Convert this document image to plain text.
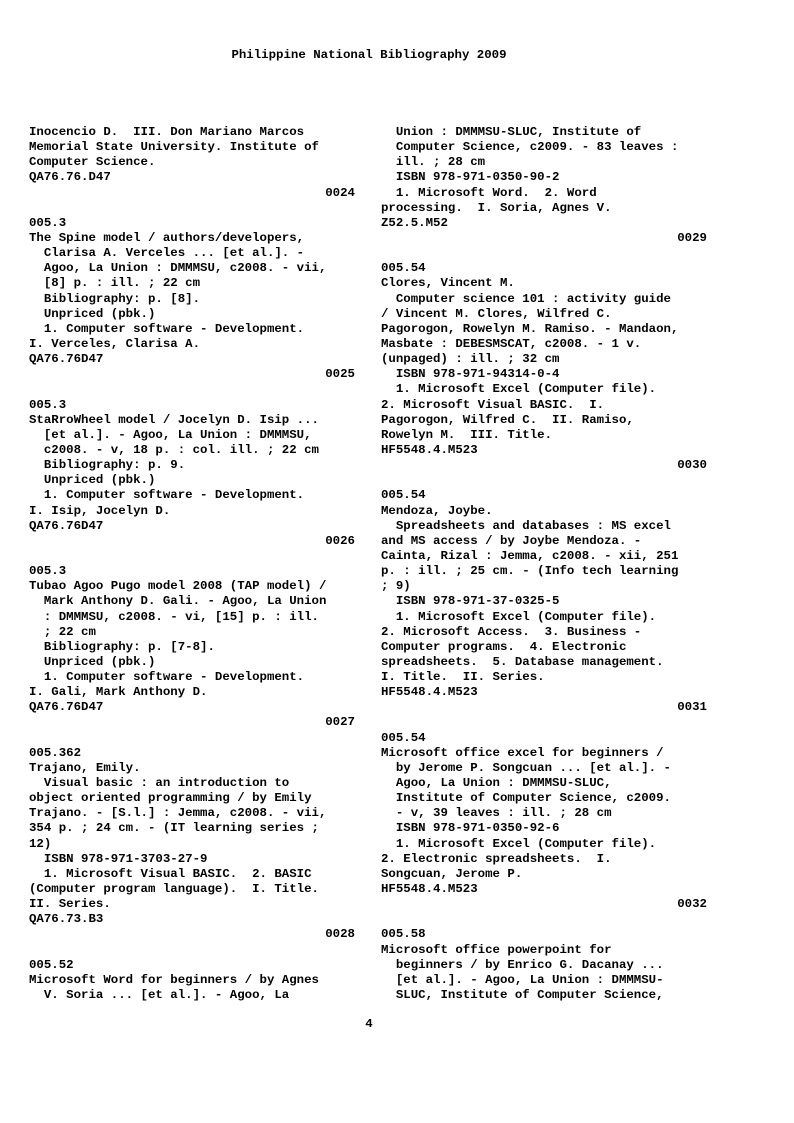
Philippine National Bibliography 2009
Inocencio D.  III. Don Mariano Marcos
Memorial State University. Institute of
Computer Science.
QA76.76.D47
0024
005.3
The Spine model / authors/developers,
Clarisa A. Verceles ... [et al.]. -
Agoo, La Union : DMMMSU, c2008. - vii,
[8] p. : ill. ; 22 cm
Bibliography: p. [8].
Unpriced (pbk.)
1. Computer software - Development.
I. Verceles, Clarisa A.
QA76.76D47
0025
005.3
StaRroWheel model / Jocelyn D. Isip ...
[et al.]. - Agoo, La Union : DMMMSU,
c2008. - v, 18 p. : col. ill. ; 22 cm
Bibliography: p. 9.
Unpriced (pbk.)
1. Computer software - Development.
I. Isip, Jocelyn D.
QA76.76D47
0026
005.3
Tubao Agoo Pugo model 2008 (TAP model) /
Mark Anthony D. Gali. - Agoo, La Union
: DMMMSU, c2008. - vi, [15] p. : ill.
; 22 cm
Bibliography: p. [7-8].
Unpriced (pbk.)
1. Computer software - Development.
I. Gali, Mark Anthony D.
QA76.76D47
0027
005.362
Trajano, Emily.
Visual basic : an introduction to
object oriented programming / by Emily
Trajano. - [S.l.] : Jemma, c2008. - vii,
354 p. ; 24 cm. - (IT learning series ;
12)
ISBN 978-971-3703-27-9
1. Microsoft Visual BASIC.  2. BASIC
(Computer program language).  I. Title.
II. Series.
QA76.73.B3
0028
005.52
Microsoft Word for beginners / by Agnes
V. Soria ... [et al.]. - Agoo, La
Union : DMMMSU-SLUC, Institute of
Computer Science, c2009. - 83 leaves :
ill. ; 28 cm
ISBN 978-971-0350-90-2
1. Microsoft Word.  2. Word
processing.  I. Soria, Agnes V.
Z52.5.M52
0029
005.54
Clores, Vincent M.
Computer science 101 : activity guide
/ Vincent M. Clores, Wilfred C.
Pagorogon, Rowelyn M. Ramiso. - Mandaon,
Masbate : DEBESMSCAT, c2008. - 1 v.
(unpaged) : ill. ; 32 cm
ISBN 978-971-94314-0-4
1. Microsoft Excel (Computer file).
2. Microsoft Visual BASIC.  I.
Pagorogon, Wilfred C.  II. Ramiso,
Rowelyn M.  III. Title.
HF5548.4.M523
0030
005.54
Mendoza, Joybe.
Spreadsheets and databases : MS excel
and MS access / by Joybe Mendoza. -
Cainta, Rizal : Jemma, c2008. - xii, 251
p. : ill. ; 25 cm. - (Info tech learning
; 9)
ISBN 978-971-37-0325-5
1. Microsoft Excel (Computer file).
2. Microsoft Access.  3. Business -
Computer programs.  4. Electronic
spreadsheets.  5. Database management.
I. Title.  II. Series.
HF5548.4.M523
0031
005.54
Microsoft office excel for beginners /
by Jerome P. Songcuan ... [et al.]. -
Agoo, La Union : DMMMSU-SLUC,
Institute of Computer Science, c2009.
- v, 39 leaves : ill. ; 28 cm
ISBN 978-971-0350-92-6
1. Microsoft Excel (Computer file).
2. Electronic spreadsheets.  I.
Songcuan, Jerome P.
HF5548.4.M523
0032
005.58
Microsoft office powerpoint for
beginners / by Enrico G. Dacanay ...
[et al.]. - Agoo, La Union : DMMMSU-
SLUC, Institute of Computer Science,
4
